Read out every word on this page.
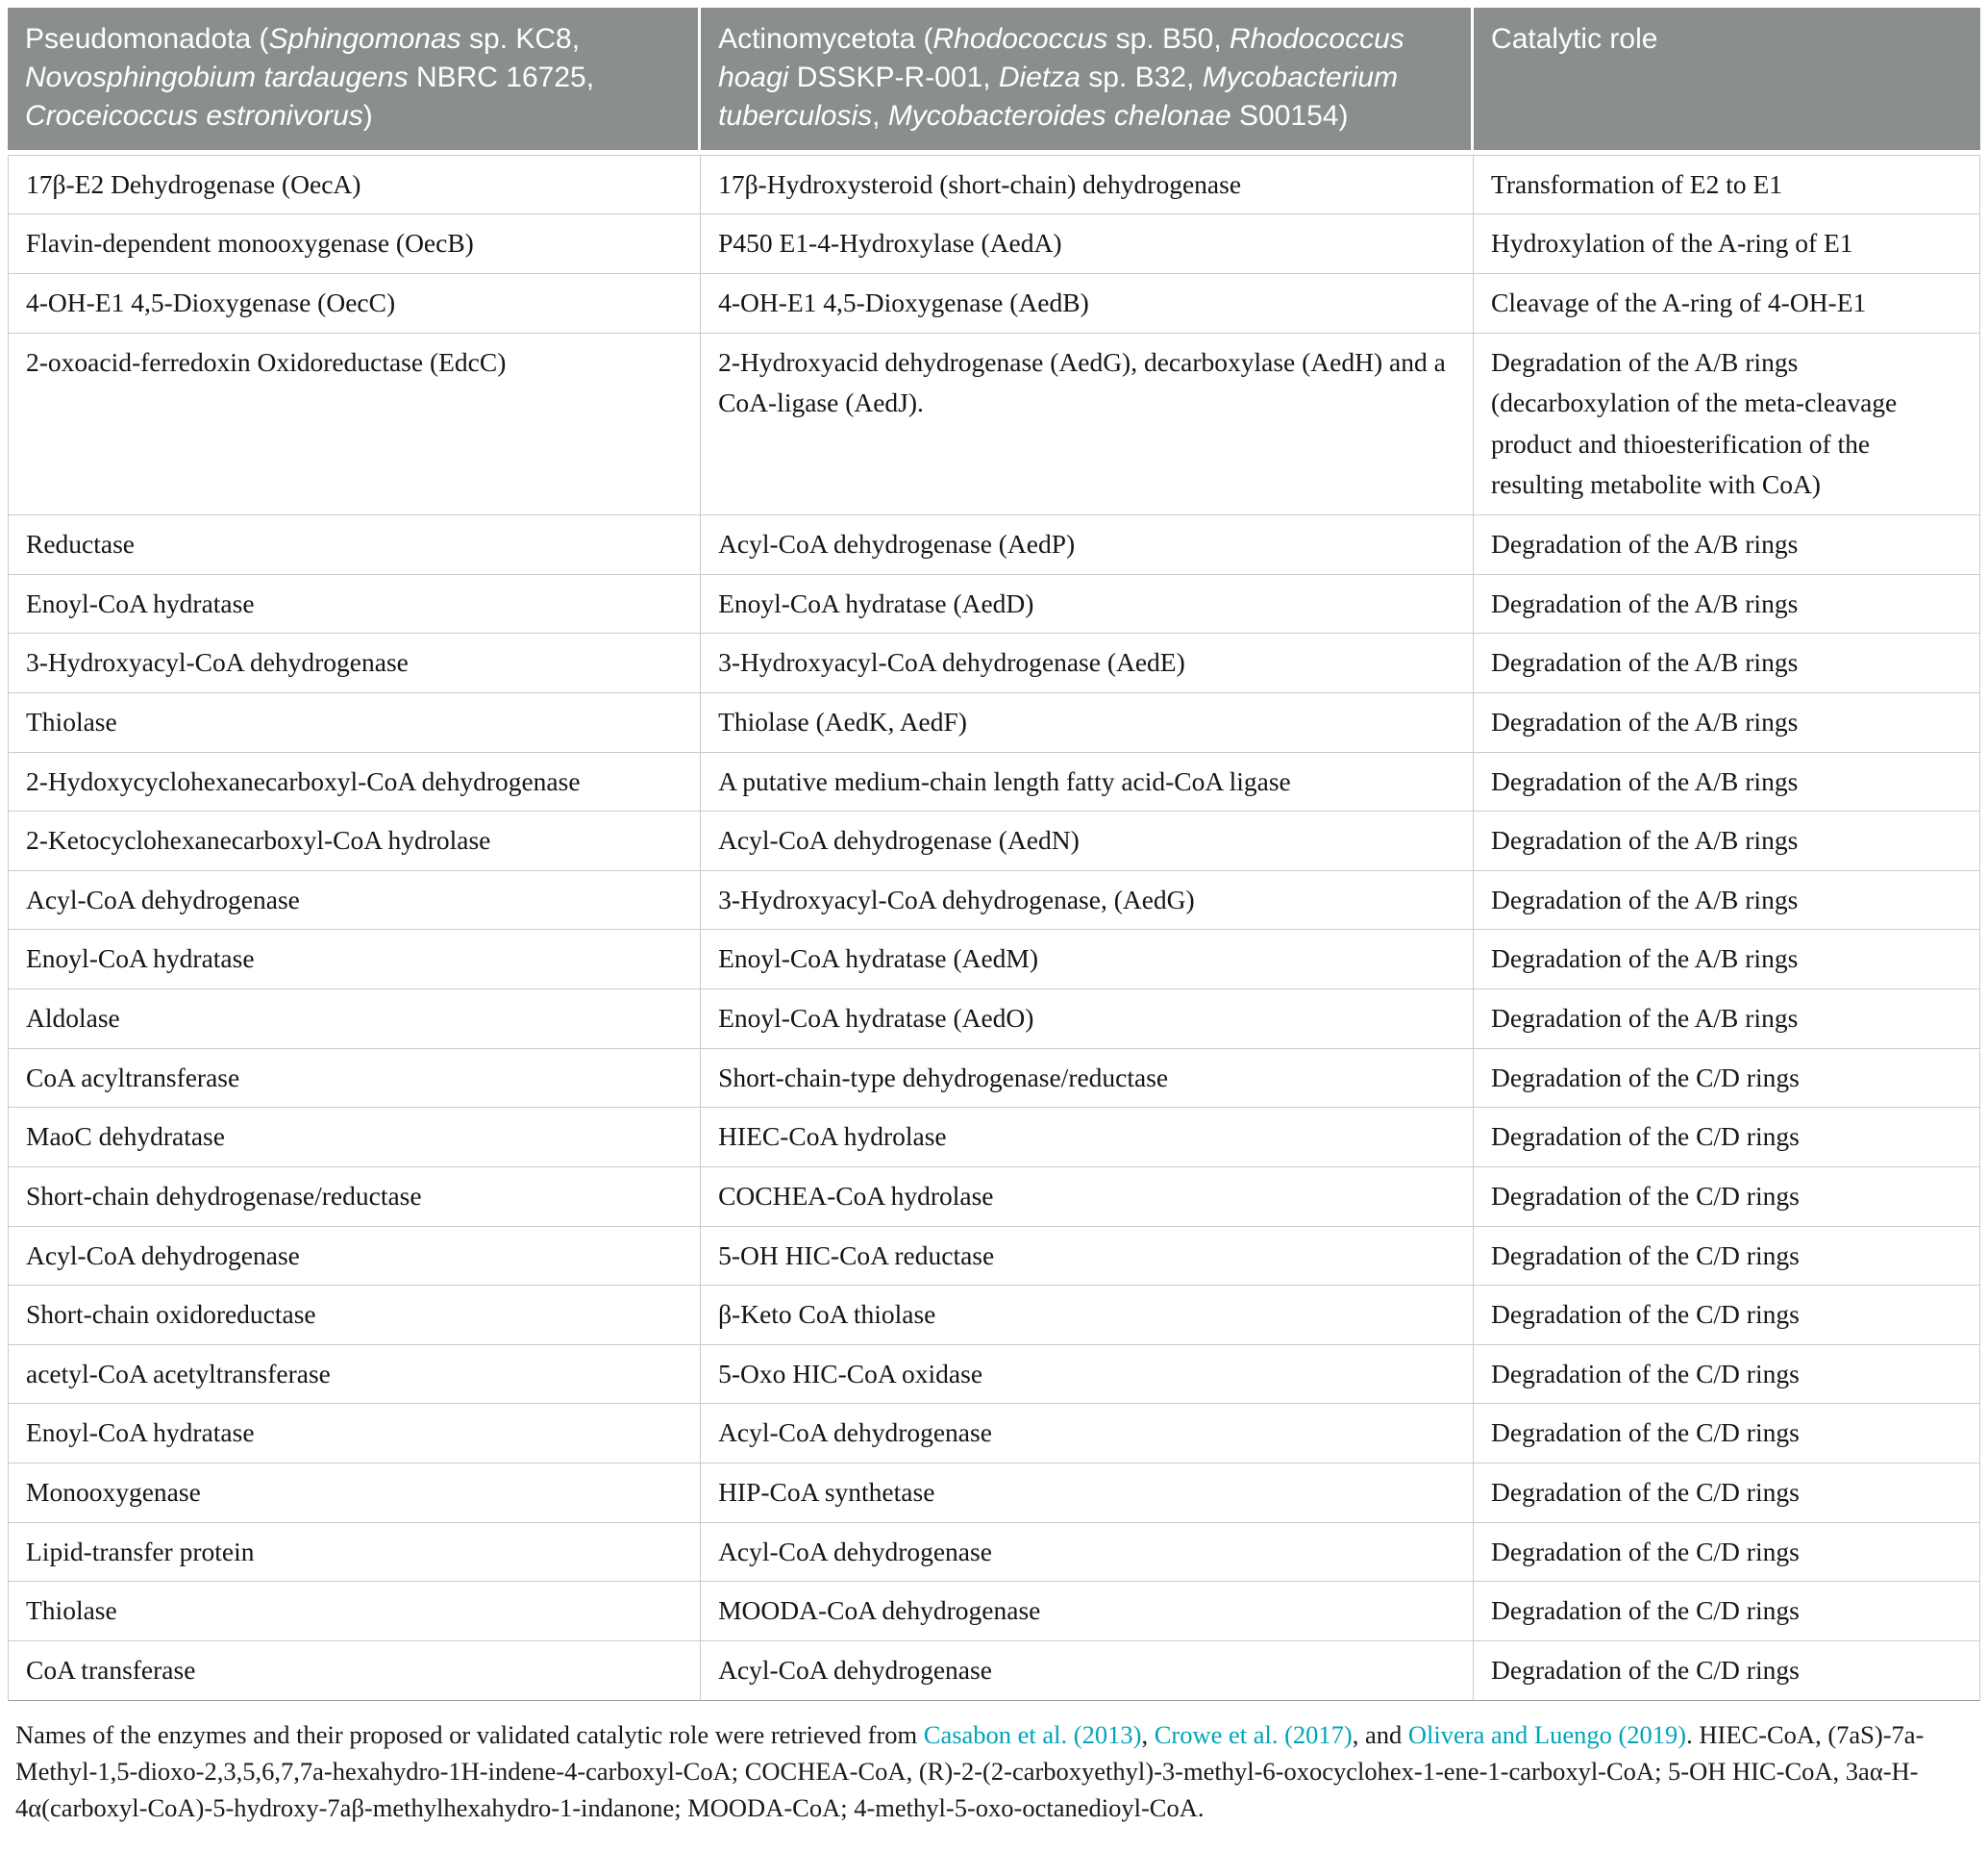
Pseudomonadota (Sphingomonas sp. KC8, Novosphingobium tardaugens NBRC 16725, Croceicoccus estronivorus)	Actinomycetota (Rhodococcus sp. B50, Rhodococcus hoagi DSSKP-R-001, Dietza sp. B32, Mycobacterium tuberculosis, Mycobacteroides chelonae S00154)	Catalytic role
17β-E2 Dehydrogenase (OecA)	17β-Hydroxysteroid (short-chain) dehydrogenase	Transformation of E2 to E1
Flavin-dependent monooxygenase (OecB)	P450 E1-4-Hydroxylase (AedA)	Hydroxylation of the A-ring of E1
4-OH-E1 4,5-Dioxygenase (OecC)	4-OH-E1 4,5-Dioxygenase (AedB)	Cleavage of the A-ring of 4-OH-E1
2-oxoacid-ferredoxin Oxidoreductase (EdcC)	2-Hydroxyacid dehydrogenase (AedG), decarboxylase (AedH) and a CoA-ligase (AedJ).	Degradation of the A/B rings (decarboxylation of the meta-cleavage product and thioesterification of the resulting metabolite with CoA)
Reductase	Acyl-CoA dehydrogenase (AedP)	Degradation of the A/B rings
Enoyl-CoA hydratase	Enoyl-CoA hydratase (AedD)	Degradation of the A/B rings
3-Hydroxyacyl-CoA dehydrogenase	3-Hydroxyacyl-CoA dehydrogenase (AedE)	Degradation of the A/B rings
Thiolase	Thiolase (AedK, AedF)	Degradation of the A/B rings
2-Hydoxycyclohexanecarboxyl-CoA dehydrogenase	A putative medium-chain length fatty acid-CoA ligase	Degradation of the A/B rings
2-Ketocyclohexanecarboxyl-CoA hydrolase	Acyl-CoA dehydrogenase (AedN)	Degradation of the A/B rings
Acyl-CoA dehydrogenase	3-Hydroxyacyl-CoA dehydrogenase, (AedG)	Degradation of the A/B rings
Enoyl-CoA hydratase	Enoyl-CoA hydratase (AedM)	Degradation of the A/B rings
Aldolase	Enoyl-CoA hydratase (AedO)	Degradation of the A/B rings
CoA acyltransferase	Short-chain-type dehydrogenase/reductase	Degradation of the C/D rings
MaoC dehydratase	HIEC-CoA hydrolase	Degradation of the C/D rings
Short-chain dehydrogenase/reductase	COCHEA-CoA hydrolase	Degradation of the C/D rings
Acyl-CoA dehydrogenase	5-OH HIC-CoA reductase	Degradation of the C/D rings
Short-chain oxidoreductase	β-Keto CoA thiolase	Degradation of the C/D rings
acetyl-CoA acetyltransferase	5-Oxo HIC-CoA oxidase	Degradation of the C/D rings
Enoyl-CoA hydratase	Acyl-CoA dehydrogenase	Degradation of the C/D rings
Monooxygenase	HIP-CoA synthetase	Degradation of the C/D rings
Lipid-transfer protein	Acyl-CoA dehydrogenase	Degradation of the C/D rings
Thiolase	MOODA-CoA dehydrogenase	Degradation of the C/D rings
CoA transferase	Acyl-CoA dehydrogenase	Degradation of the C/D rings

Names of the enzymes and their proposed or validated catalytic role were retrieved from Casabon et al. (2013), Crowe et al. (2017), and Olivera and Luengo (2019). HIEC-CoA, (7aS)-7a-Methyl-1,5-dioxo-2,3,5,6,7,7a-hexahydro-1H-indene-4-carboxyl-CoA; COCHEA-CoA, (R)-2-(2-carboxyethyl)-3-methyl-6-oxocyclohex-1-ene-1-carboxyl-CoA; 5-OH HIC-CoA, 3aα-H-4α(carboxyl-CoA)-5-hydroxy-7aβ-methylhexahydro-1-indanone; MOODA-CoA; 4-methyl-5-oxo-octanedioyl-CoA.
